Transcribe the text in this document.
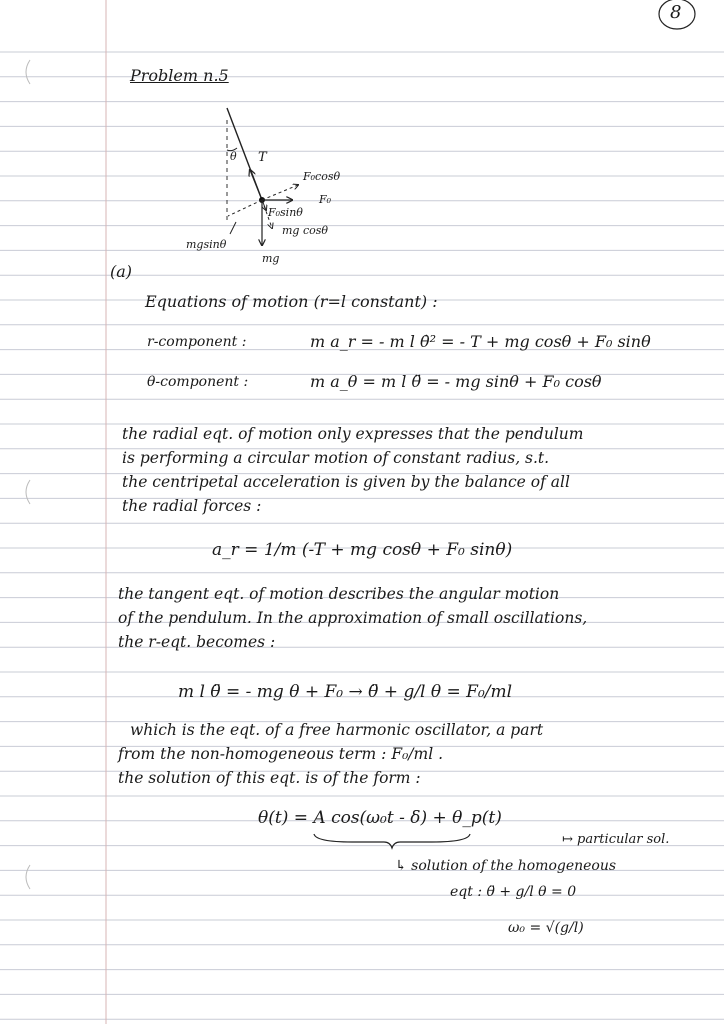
8
Problem n.5
θ T
F₀cosθ
F₀
F₀sinθ
mg cosθ
mgsinθ
mg
(a)
Equations of motion (r=l constant) :
r-component :	m a_r = - m l θ̇² = - T + mg cosθ + F₀ sinθ
θ-component :	m a_θ = m l θ̈ = - mg sinθ + F₀ cosθ
the radial eqt. of motion only expresses that the pendulum
is performing a circular motion of constant radius, s.t.
the centripetal acceleration is given by the balance of all
the radial forces :
a_r = 1/m (-T + mg cosθ + F₀ sinθ)
the tangent eqt. of motion describes the angular motion
of the pendulum. In the approximation of small oscillations,
the r-eqt. becomes :
m l θ̈ = - mg θ + F₀ → θ̈ + g/l θ = F₀/ml
which is the eqt. of a free harmonic oscillator, a part
from the non-homogeneous term : F₀/ml .
the solution of this eqt. is of the form :
θ(t) = A cos(ω₀t - δ) + θ_p(t)
↦ particular sol.
↳ solution of the homogeneous
eqt : θ̈ + g/l θ = 0
ω₀ = √(g/l)
